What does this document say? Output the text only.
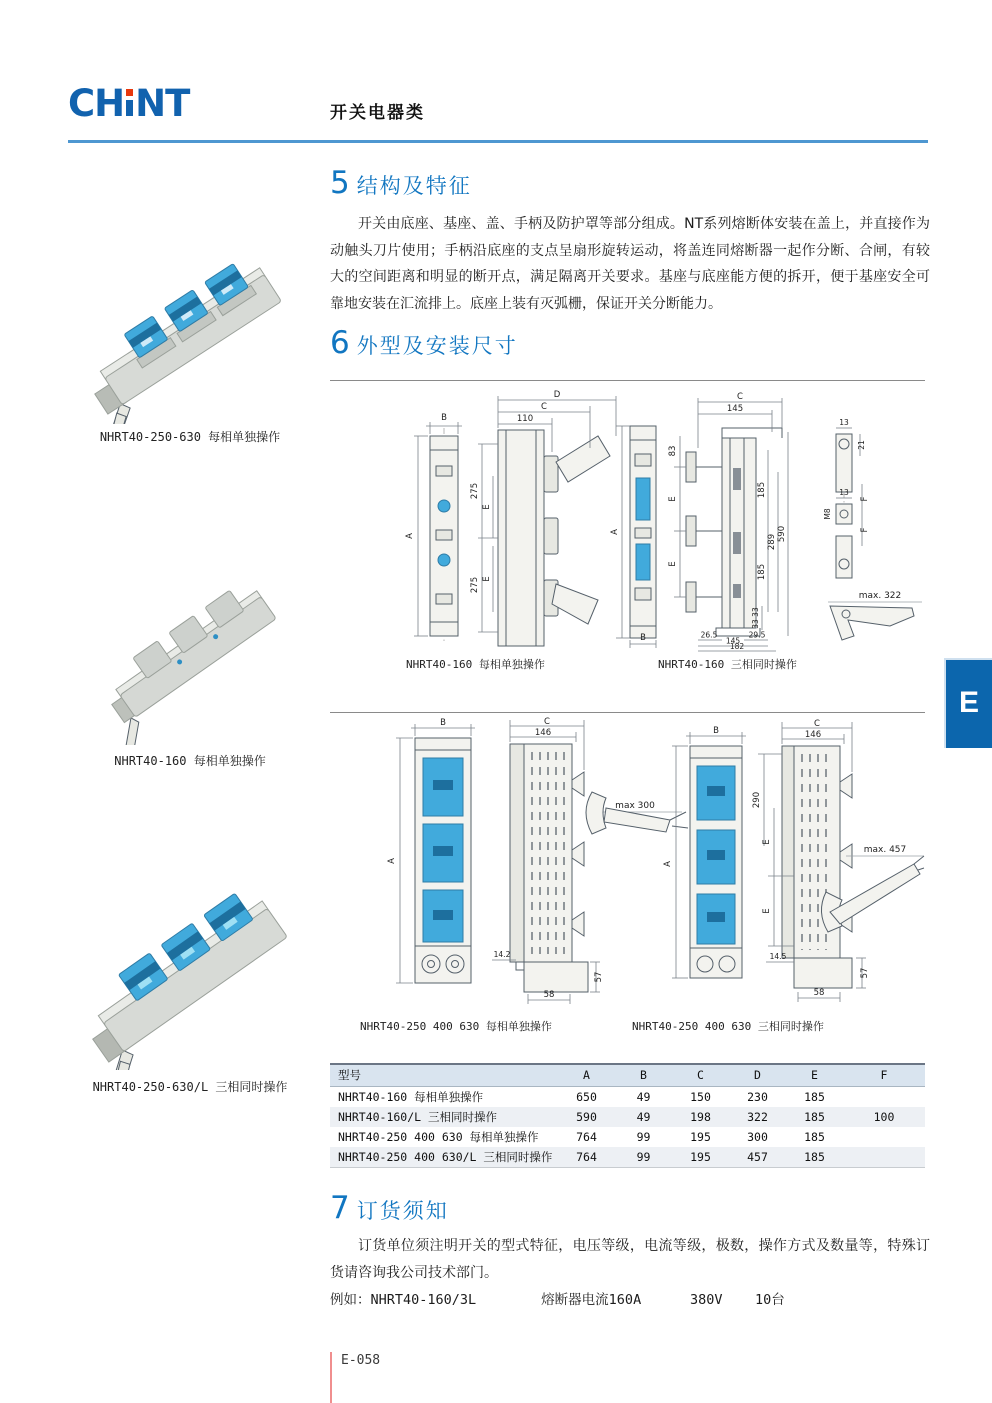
CH NT	开关电器类
NHRT40-250-630 每相单独操作
NHRT40-160 每相单独操作
NHRT40-250-630/L 三相同时操作
5 结构及特征
开关由底座、基座、盖、手柄及防护罩等部分组成。NT系列熔断体安装在盖上，并直接作为动触头刀片使用；手柄沿底座的支点呈扇形旋转运动，将盖连同熔断器一起作分断、合闸，有较大的空间距离和明显的断开点，满足隔离开关要求。基座与底座能方便的拆开，便于基座安全可靠地安装在汇流排上。底座上装有灭弧栅，保证开关分断能力。
6 外型及安装尺寸
B
A
D
C
110
275
E
275 E
A
B
C
145
83
E
E
185
185
289 590
33 33
26.5	29.5
145
182
13
21
13
M8
F
F
max. 322
NHRT40-160 每相单独操作	NHRT40-160 三相同时操作
B
A
C
146
14.2
58
57
max 300
B
A
C
146
290
E
E
14.5
58
57
max. 457
NHRT40-250 400 630 每相单独操作	NHRT40-250 400 630 三相同时操作
型号	A	B	C	D	E	F
NHRT40-160 每相单独操作	650	49	150	230	185	
NHRT40-160/L 三相同时操作	590	49	198	322	185	100
NHRT40-250 400 630 每相单独操作	764	99	195	300	185	
NHRT40-250 400 630/L 三相同时操作	764	99	195	457	185	
7 订货须知
订货单位须注明开关的型式特征，电压等级，电流等级，极数，操作方式及数量等，特殊订货请咨询我公司技术部门。
例如：NHRT40-160/3L        熔断器电流160A      380V    10台
E
E-058
